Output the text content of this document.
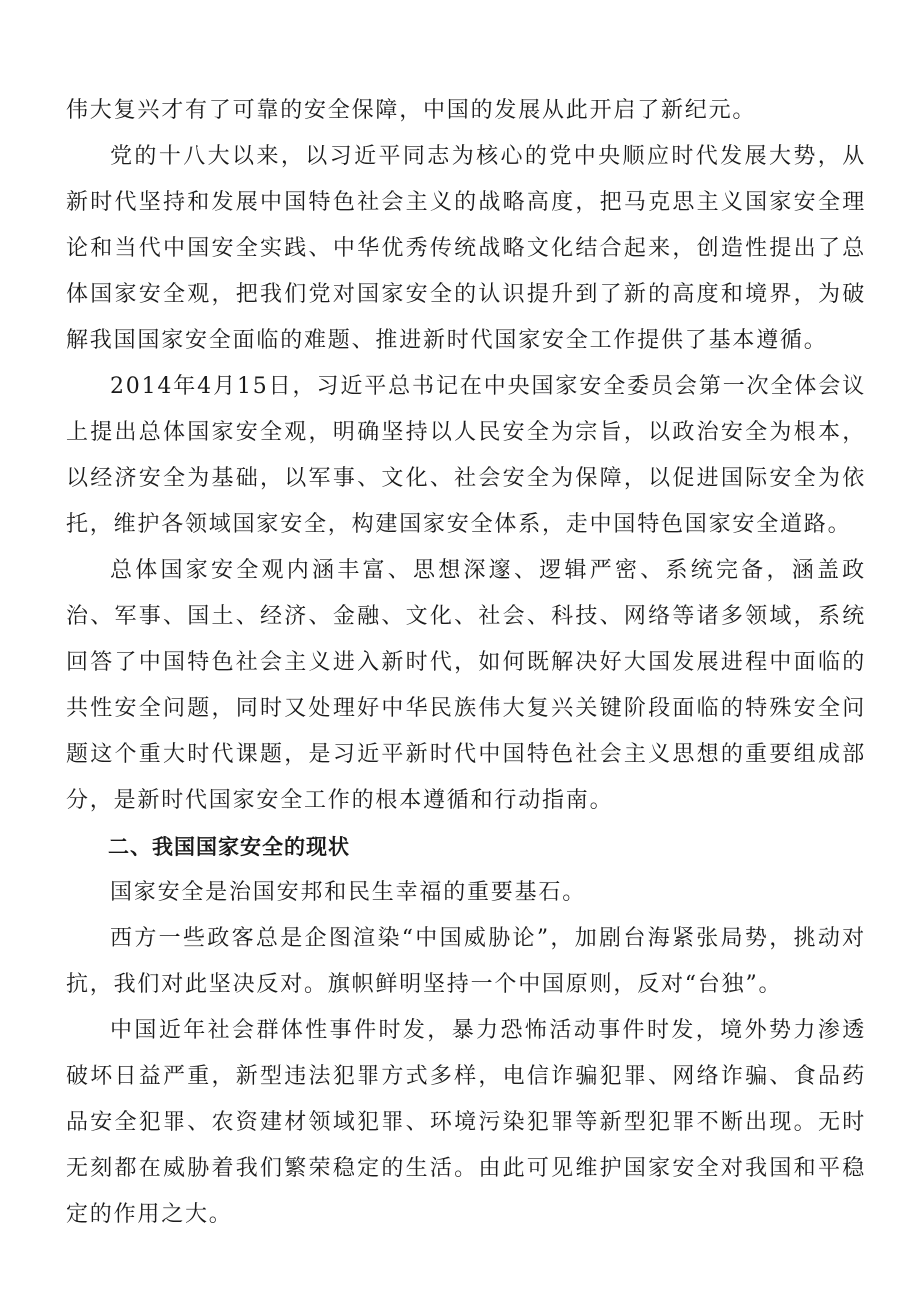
伟大复兴才有了可靠的安全保障，中国的发展从此开启了新纪元。

党的十八大以来，以习近平同志为核心的党中央顺应时代发展大势，从新时代坚持和发展中国特色社会主义的战略高度，把马克思主义国家安全理论和当代中国安全实践、中华优秀传统战略文化结合起来，创造性提出了总体国家安全观，把我们党对国家安全的认识提升到了新的高度和境界，为破解我国国家安全面临的难题、推进新时代国家安全工作提供了基本遵循。

2014年4月15日，习近平总书记在中央国家安全委员会第一次全体会议上提出总体国家安全观，明确坚持以人民安全为宗旨，以政治安全为根本，以经济安全为基础，以军事、文化、社会安全为保障，以促进国际安全为依托，维护各领域国家安全，构建国家安全体系，走中国特色国家安全道路。

总体国家安全观内涵丰富、思想深邃、逻辑严密、系统完备，涵盖政治、军事、国土、经济、金融、文化、社会、科技、网络等诸多领域，系统回答了中国特色社会主义进入新时代，如何既解决好大国发展进程中面临的共性安全问题，同时又处理好中华民族伟大复兴关键阶段面临的特殊安全问题这个重大时代课题，是习近平新时代中国特色社会主义思想的重要组成部分，是新时代国家安全工作的根本遵循和行动指南。

二、我国国家安全的现状

国家安全是治国安邦和民生幸福的重要基石。

西方一些政客总是企图渲染“中国威胁论”，加剧台海紧张局势，挑动对抗，我们对此坚决反对。旗帜鲜明坚持一个中国原则，反对“台独”。

中国近年社会群体性事件时发，暴力恐怖活动事件时发，境外势力渗透破坏日益严重，新型违法犯罪方式多样，电信诈骗犯罪、网络诈骗、食品药品安全犯罪、农资建材领域犯罪、环境污染犯罪等新型犯罪不断出现。无时无刻都在威胁着我们繁荣稳定的生活。由此可见维护国家安全对我国和平稳定的作用之大。
